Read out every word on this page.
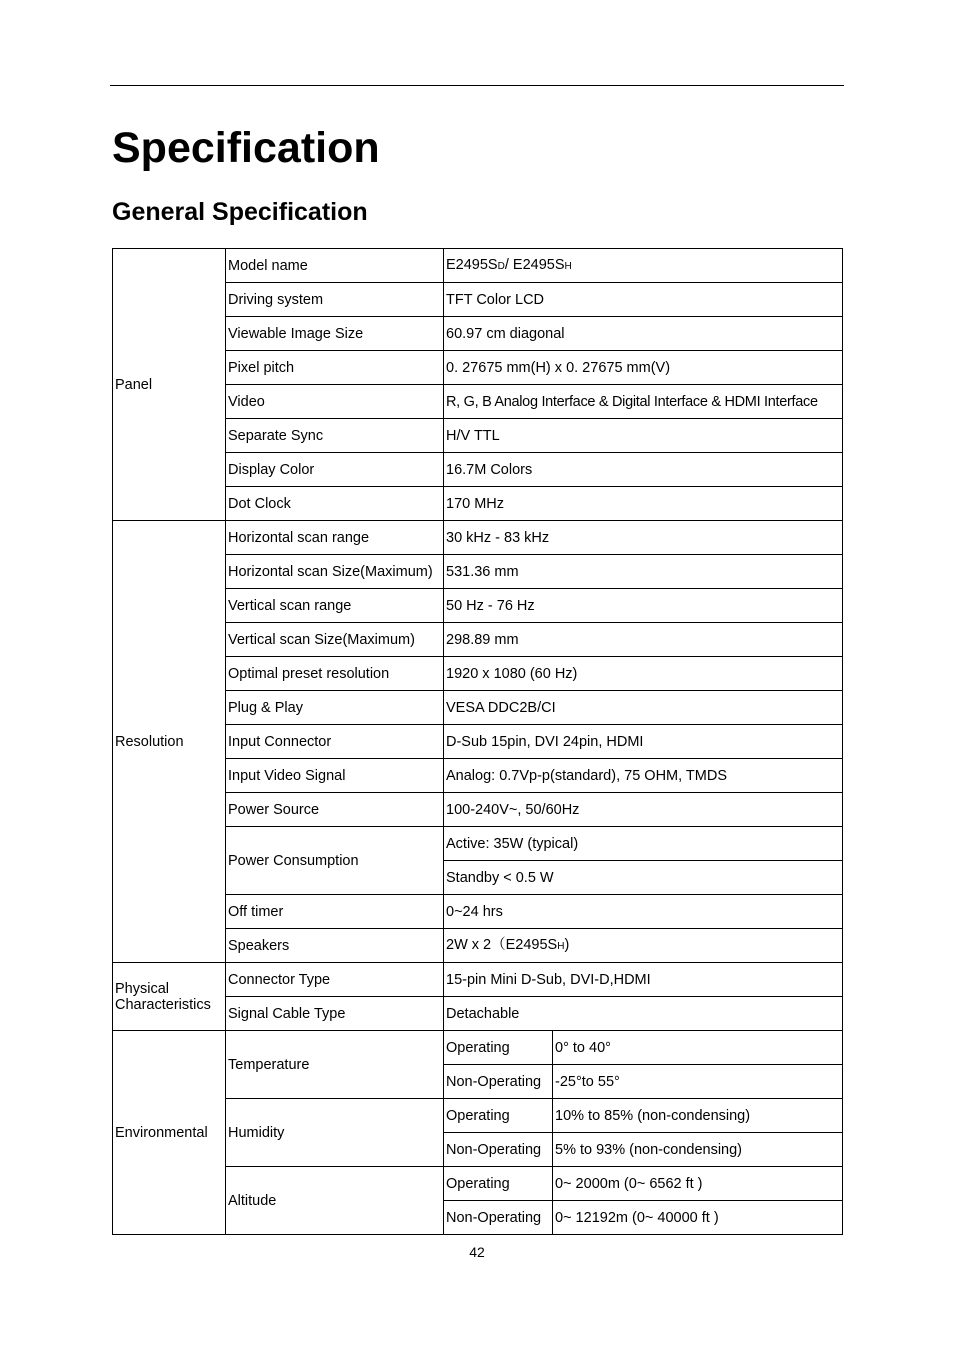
Specification
General Specification
Panel	Model name	E2495SD/ E2495SH	
	Driving system	TFT Color LCD	
	Viewable Image Size	60.97 cm diagonal	
	Pixel pitch	0. 27675 mm(H) x 0. 27675 mm(V)	
	Video	R, G, B Analog Interface & Digital Interface & HDMI Interface	
	Separate Sync	H/V TTL	
	Display Color	16.7M Colors	
	Dot Clock	170 MHz	
Resolution	Horizontal scan range	30 kHz - 83 kHz	
	Horizontal scan Size(Maximum)	531.36 mm	
	Vertical scan range	50 Hz - 76 Hz	
	Vertical scan Size(Maximum)	298.89 mm	
	Optimal preset resolution	1920 x 1080 (60 Hz)	
	Plug & Play	VESA DDC2B/CI	
	Input Connector	D-Sub 15pin, DVI 24pin, HDMI	
	Input Video Signal	Analog: 0.7Vp-p(standard), 75 OHM, TMDS	
	Power Source	100-240V~, 50/60Hz	
	Power Consumption	Active: 35W (typical)	
		Standby < 0.5 W	
	Off timer	0~24 hrs	
	Speakers	2W x 2（E2495SH)	
Physical Characteristics	Connector Type	15-pin Mini D-Sub, DVI-D,HDMI	
	Signal Cable Type	Detachable	
Environmental	Temperature	Operating	0° to 40°
		Non-Operating	-25°to 55°
	Humidity	Operating	10% to 85% (non-condensing)
		Non-Operating	5% to 93% (non-condensing)
	Altitude	Operating	0~ 2000m (0~ 6562 ft )
		Non-Operating	0~ 12192m (0~ 40000 ft )
42
